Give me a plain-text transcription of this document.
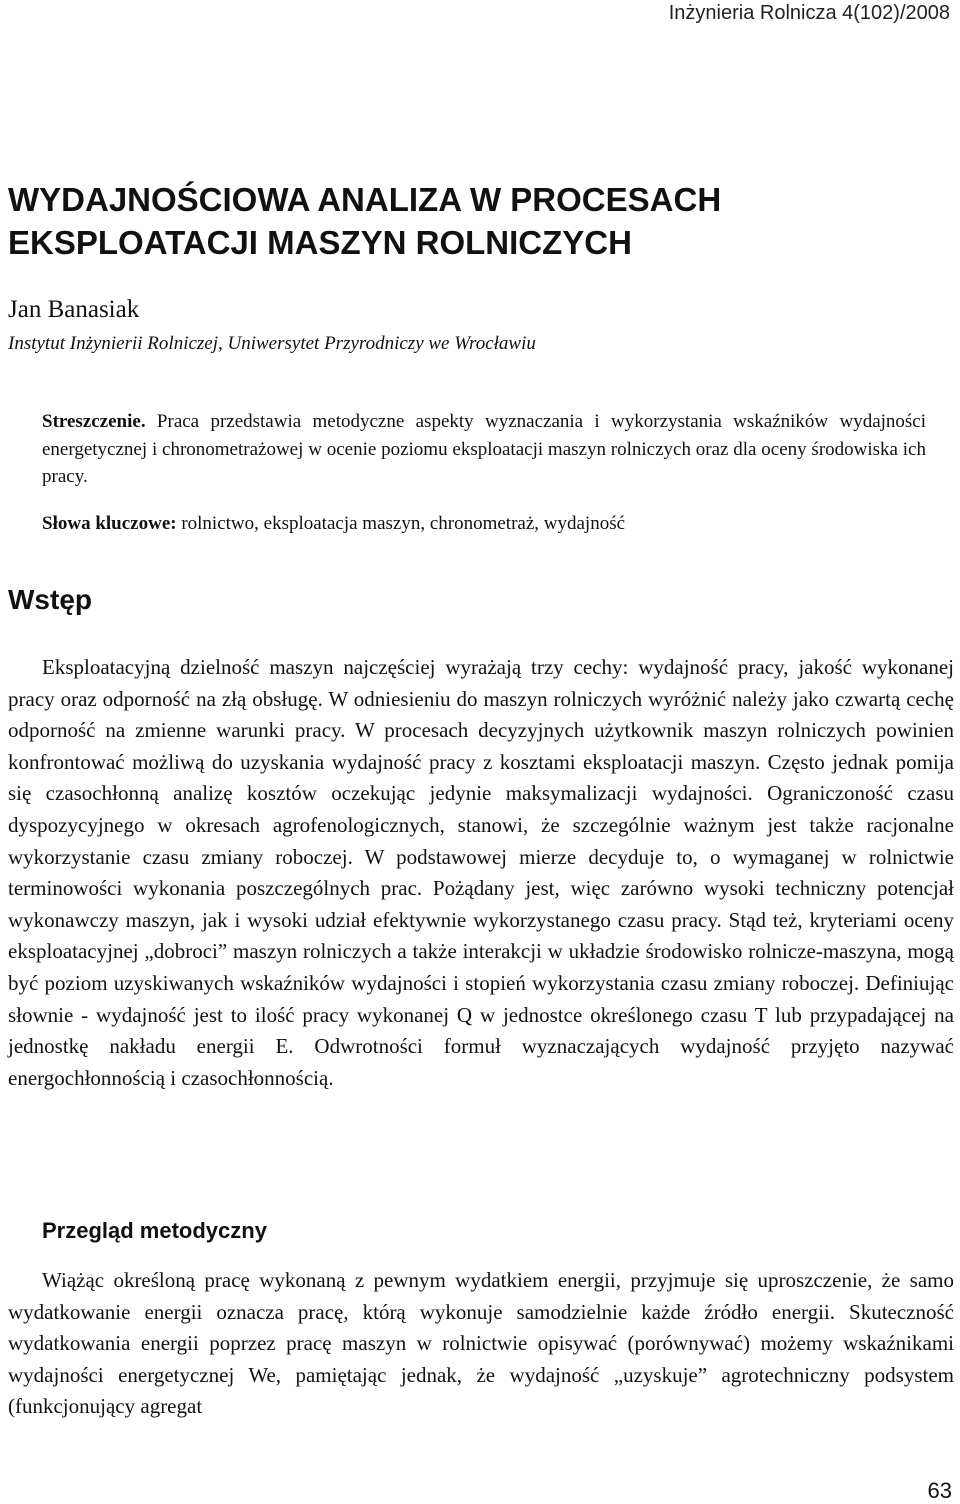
Inżynieria Rolnicza 4(102)/2008
WYDAJNOŚCIOWA ANALIZA W PROCESACH EKSPLOATACJI MASZYN ROLNICZYCH
Jan Banasiak
Instytut Inżynierii Rolniczej, Uniwersytet Przyrodniczy we Wrocławiu
Streszczenie. Praca przedstawia metodyczne aspekty wyznaczania i wykorzystania wskaźników wydajności energetycznej i chronometrażowej w ocenie poziomu eksploatacji maszyn rolniczych oraz dla oceny środowiska ich pracy.
Słowa kluczowe: rolnictwo, eksploatacja maszyn, chronometraż, wydajność
Wstęp

Eksploatacyjną dzielność maszyn najczęściej wyrażają trzy cechy: wydajność pracy, jakość wykonanej pracy oraz odporność na złą obsługę. W odniesieniu do maszyn rolniczych wyróżnić należy jako czwartą cechę odporność na zmienne warunki pracy. W procesach decyzyjnych użytkownik maszyn rolniczych powinien konfrontować możliwą do uzyskania wydajność pracy z kosztami eksploatacji maszyn. Często jednak pomija się czasochłonną analizę kosztów oczekując jedynie maksymalizacji wydajności. Ograniczoność czasu dyspozycyjnego w okresach agrofenologicznych, stanowi, że szczególnie ważnym jest także racjonalne wykorzystanie czasu zmiany roboczej. W podstawowej mierze decyduje to, o wymaganej w rolnictwie terminowości wykonania poszczególnych prac. Pożądany jest, więc zarówno wysoki techniczny potencjał wykonawczy maszyn, jak i wysoki udział efektywnie wykorzystanego czasu pracy. Stąd też, kryteriami oceny eksploatacyjnej „dobroci” maszyn rolniczych a także interakcji w układzie środowisko rolnicze-maszyna, mogą być poziom uzyskiwanych wskaźników wydajności i stopień wykorzystania czasu zmiany roboczej. Definiując słownie - wydajność jest to ilość pracy wykonanej Q w jednostce określonego czasu T lub przypadającej na jednostkę nakładu energii E. Odwrotności formuł wyznaczających wydajność przyjęto nazywać energochłonnością i czasochłonnością.

Przegląd metodyczny

Wiążąc określoną pracę wykonaną z pewnym wydatkiem energii, przyjmuje się uproszczenie, że samo wydatkowanie energii oznacza pracę, którą wykonuje samodzielnie każde źródło energii. Skuteczność wydatkowania energii poprzez pracę maszyn w rolnictwie opisywać (porównywać) możemy wskaźnikami wydajności energetycznej We, pamiętając jednak, że wydajność „uzyskuje” agrotechniczny podsystem (funkcjonujący agregat

63
